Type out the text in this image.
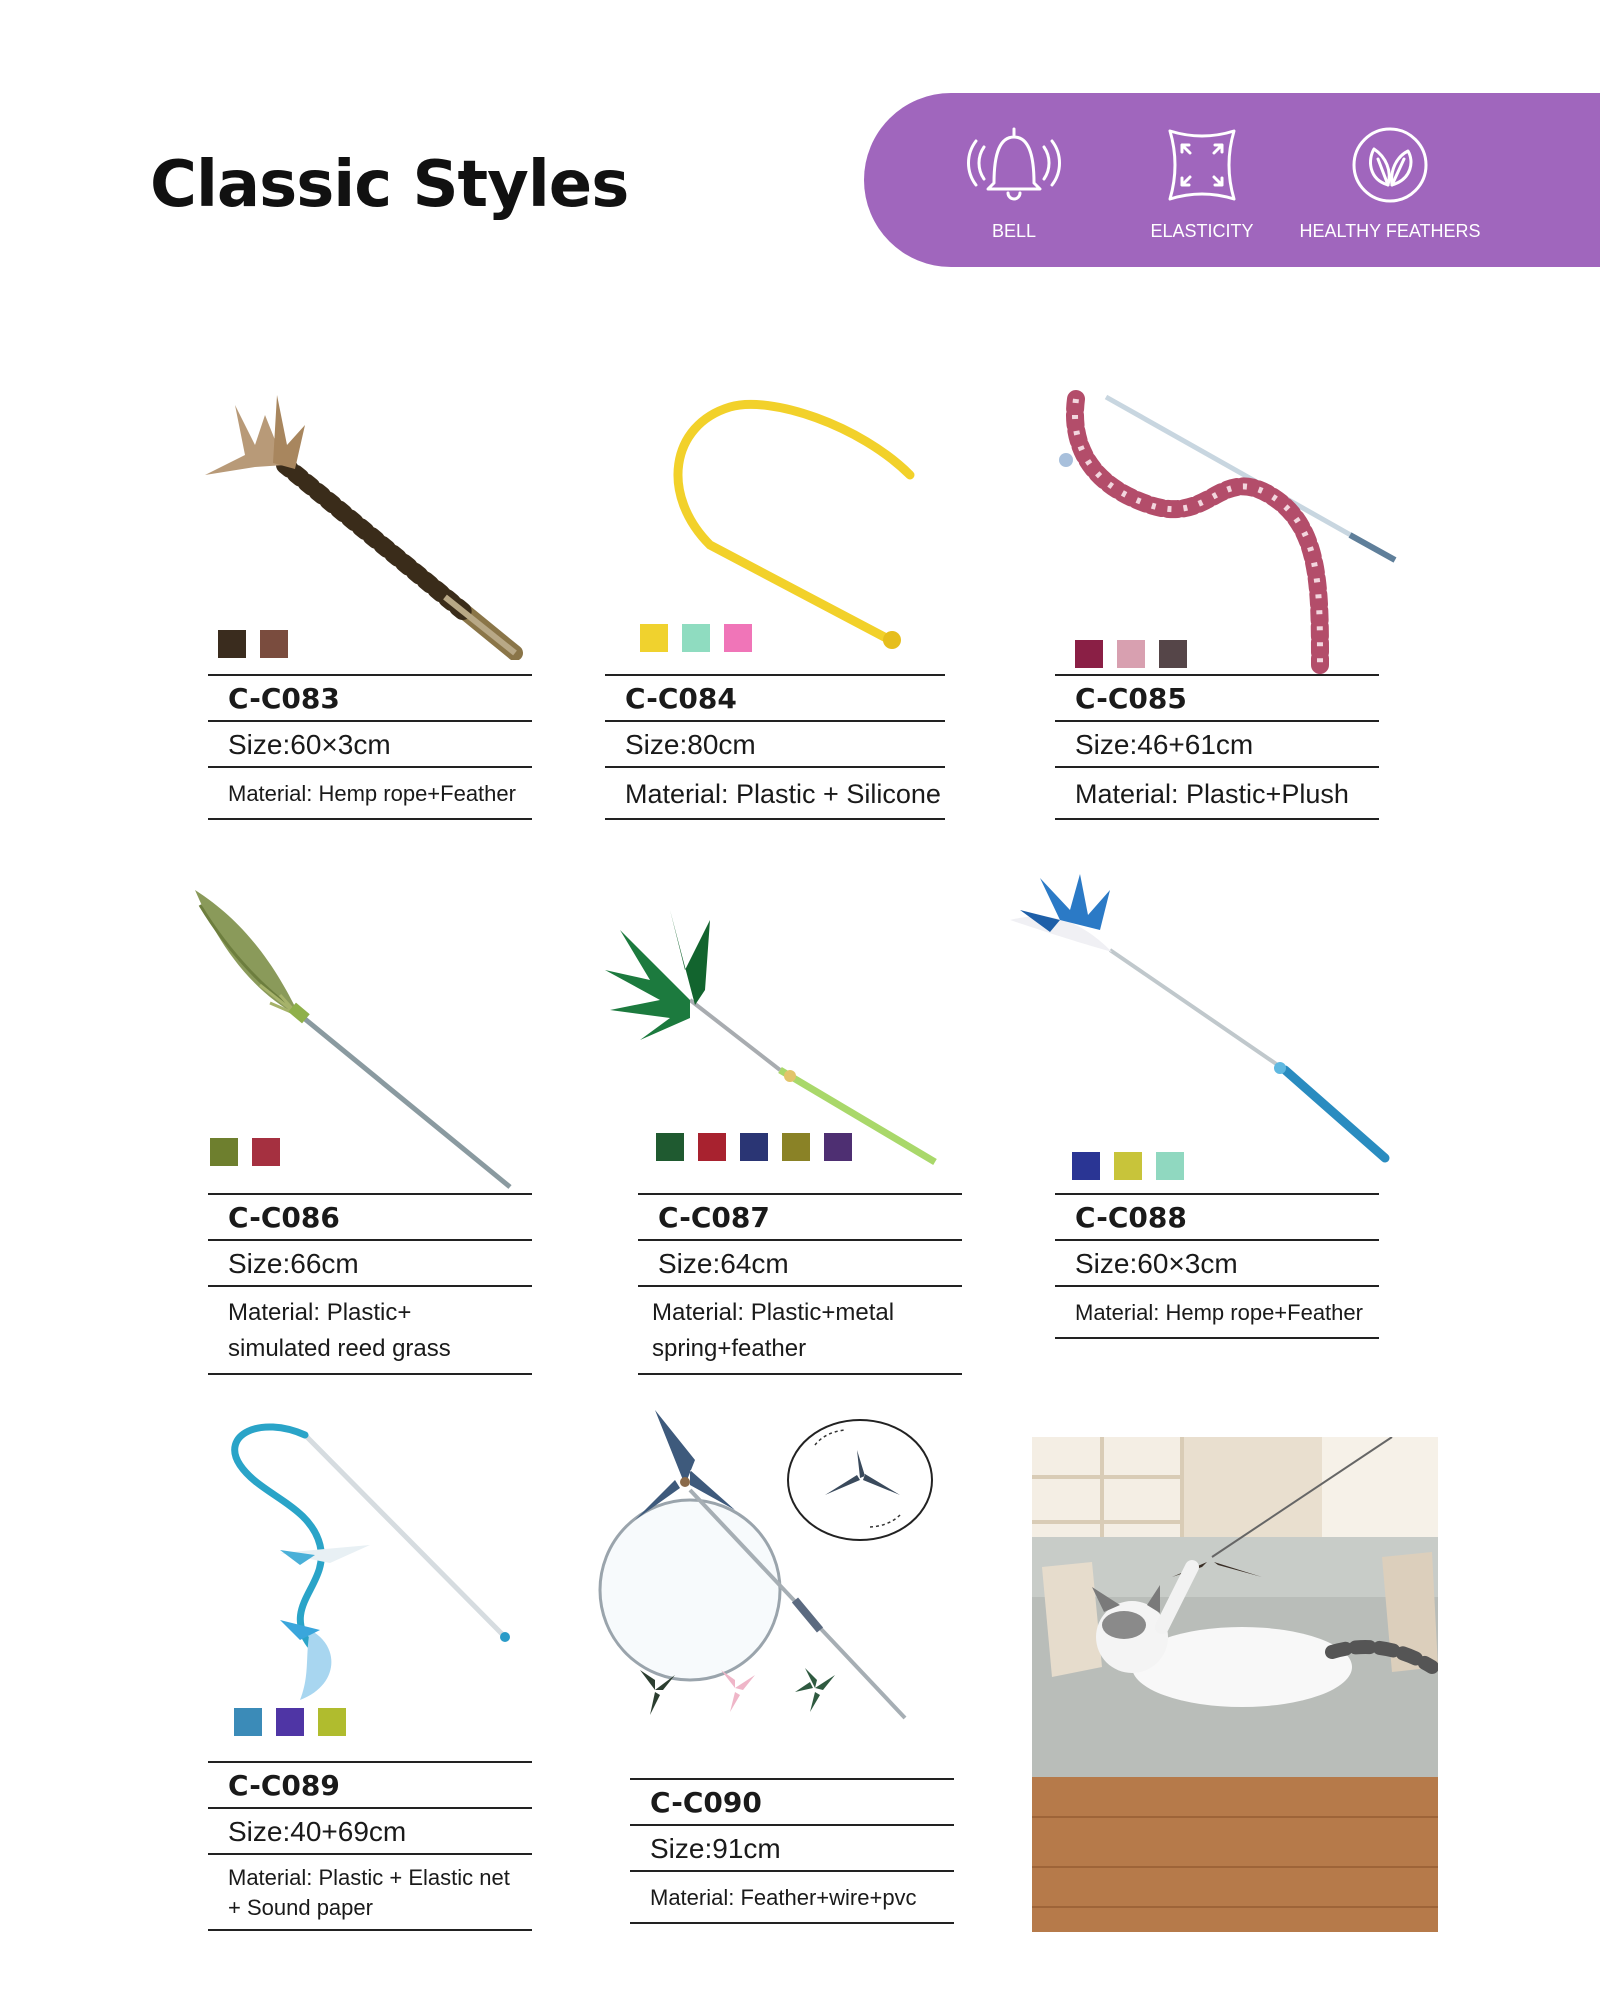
Classic Styles
BELL	ELASTICITY	HEALTHY FEATHERS
C-C083
Size:60×3cm
Material: Hemp rope+Feather
C-C084
Size:80cm
Material: Plastic + Silicone
C-C085
Size:46+61cm
Material: Plastic+Plush
C-C086
Size:66cm
Material: Plastic+
simulated reed grass
C-C087
Size:64cm
Material: Plastic+metal
spring+feather
C-C088
Size:60×3cm
Material: Hemp rope+Feather
C-C089
Size:40+69cm
Material: Plastic + Elastic net
+ Sound paper
C-C090
Size:91cm
Material: Feather+wire+pvc
